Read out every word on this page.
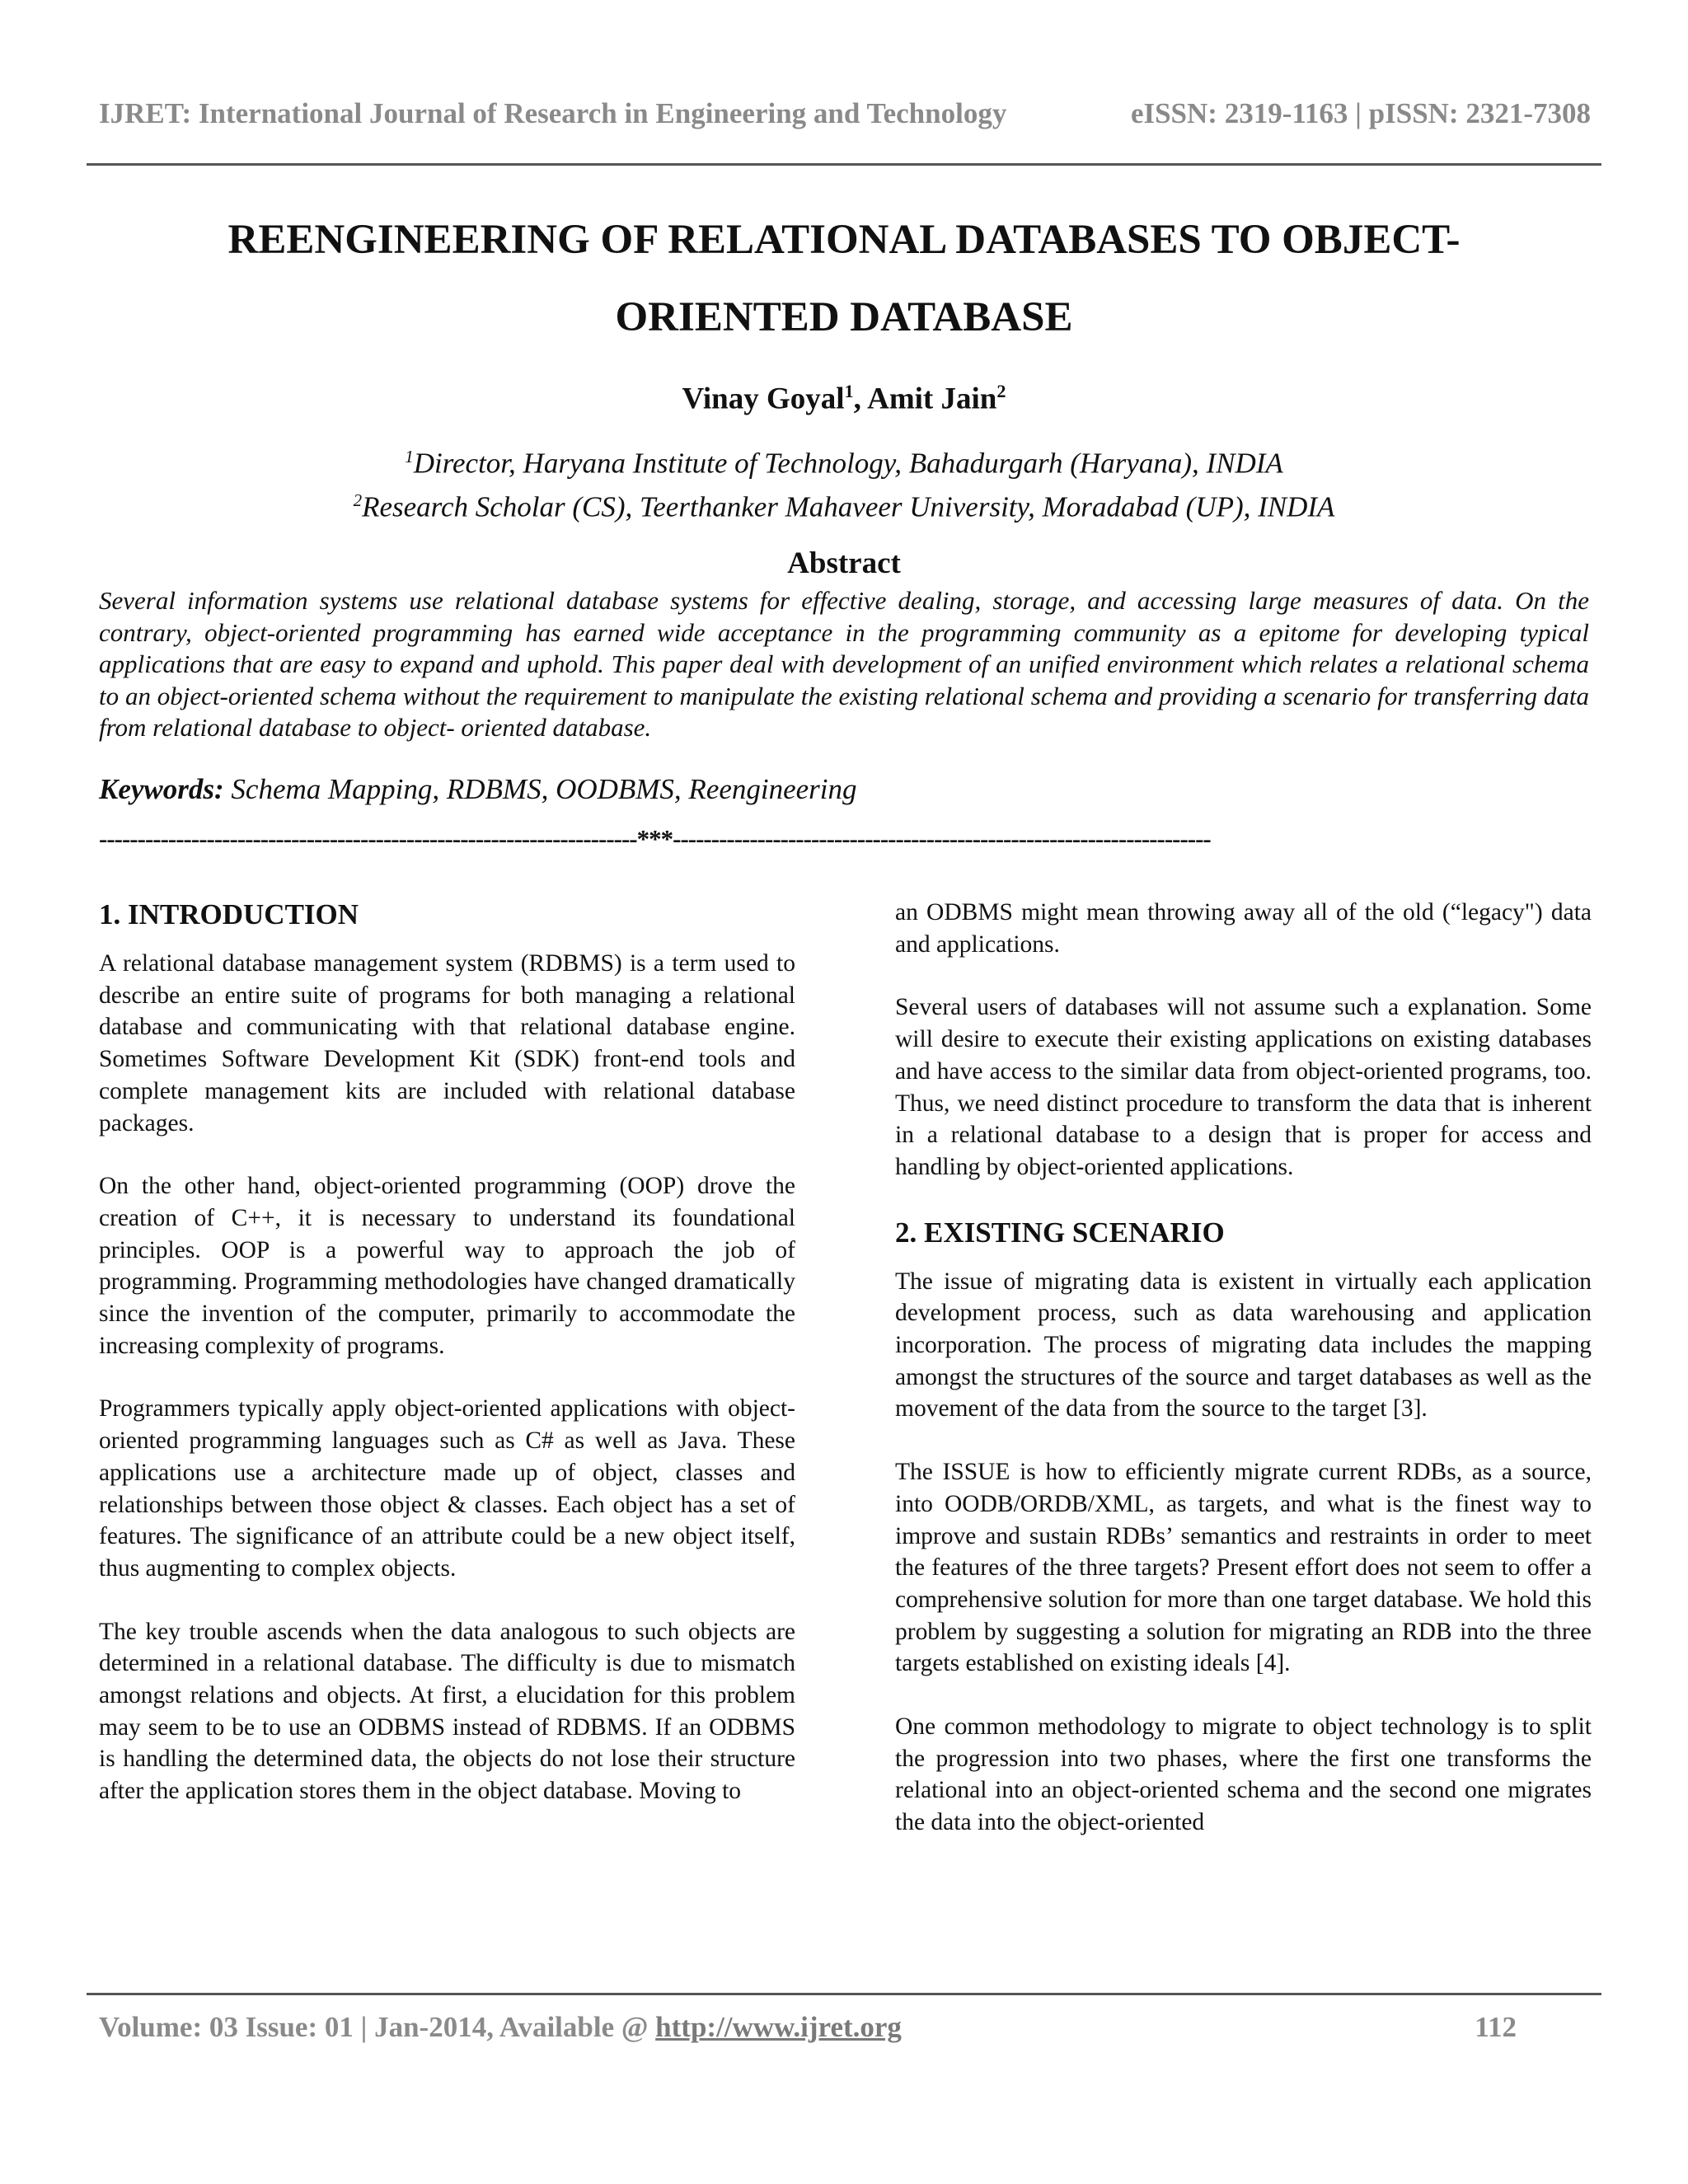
IJRET: International Journal of Research in Engineering and Technology	eISSN: 2319-1163 | pISSN: 2321-7308
REENGINEERING OF RELATIONAL DATABASES TO OBJECT-
ORIENTED DATABASE
Vinay Goyal$^1$, Amit Jain$^2$
$^1$Director, Haryana Institute of Technology, Bahadurgarh (Haryana), INDIA
$^2$Research Scholar (CS), Teerthanker Mahaveer University, Moradabad (UP), INDIA
Abstract

Several information systems use relational database systems for effective dealing, storage, and accessing large measures of data. On the contrary, object-oriented programming has earned wide acceptance in the programming community as a epitome for developing typical applications that are easy to expand and uphold. This paper deal with development of an unified environment which relates a relational schema to an object-oriented schema without the requirement to manipulate the existing relational schema and providing a scenario for transferring data from relational database to object- oriented database.

Keywords: Schema Mapping, RDBMS, OODBMS, Reengineering
----------------------------------------------------------------------***----------------------------------------------------------------------
1. INTRODUCTION

A relational database management system (RDBMS) is a term used to describe an entire suite of programs for both managing a relational database and communicating with that relational database engine. Sometimes Software Development Kit (SDK) front-end tools and complete management kits are included with relational database packages.

On the other hand, object-oriented programming (OOP) drove the creation of C++, it is necessary to understand its foundational principles. OOP is a powerful way to approach the job of programming. Programming methodologies have changed dramatically since the invention of the computer, primarily to accommodate the increasing complexity of programs.

Programmers typically apply object-oriented applications with object-oriented programming languages such as C# as well as Java. These applications use a architecture made up of object, classes and relationships between those object & classes. Each object has a set of features. The significance of an attribute could be a new object itself, thus augmenting to complex objects.

The key trouble ascends when the data analogous to such objects are determined in a relational database. The difficulty is due to mismatch amongst relations and objects. At first, a elucidation for this problem may seem to be to use an ODBMS instead of RDBMS. If an ODBMS is handling the determined data, the objects do not lose their structure after the application stores them in the object database. Moving to

an ODBMS might mean throwing away all of the old (“legacy") data and applications.

Several users of databases will not assume such a explanation. Some will desire to execute their existing applications on existing databases and have access to the similar data from object-oriented programs, too. Thus, we need distinct procedure to transform the data that is inherent in a relational database to a design that is proper for access and handling by object-oriented applications.

2. EXISTING SCENARIO

The issue of migrating data is existent in virtually each application development process, such as data warehousing and application incorporation. The process of migrating data includes the mapping amongst the structures of the source and target databases as well as the movement of the data from the source to the target [3].

The ISSUE is how to efficiently migrate current RDBs, as a source, into OODB/ORDB/XML, as targets, and what is the finest way to improve and sustain RDBs’ semantics and restraints in order to meet the features of the three targets? Present effort does not seem to offer a comprehensive solution for more than one target database. We hold this problem by suggesting a solution for migrating an RDB into the three targets established on existing ideals [4].

One common methodology to migrate to object technology is to split the progression into two phases, where the first one transforms the relational into an object-oriented schema and the second one migrates the data into the object-oriented

Volume: 03 Issue: 01 | Jan-2014, Available @ http://www.ijret.org	112
